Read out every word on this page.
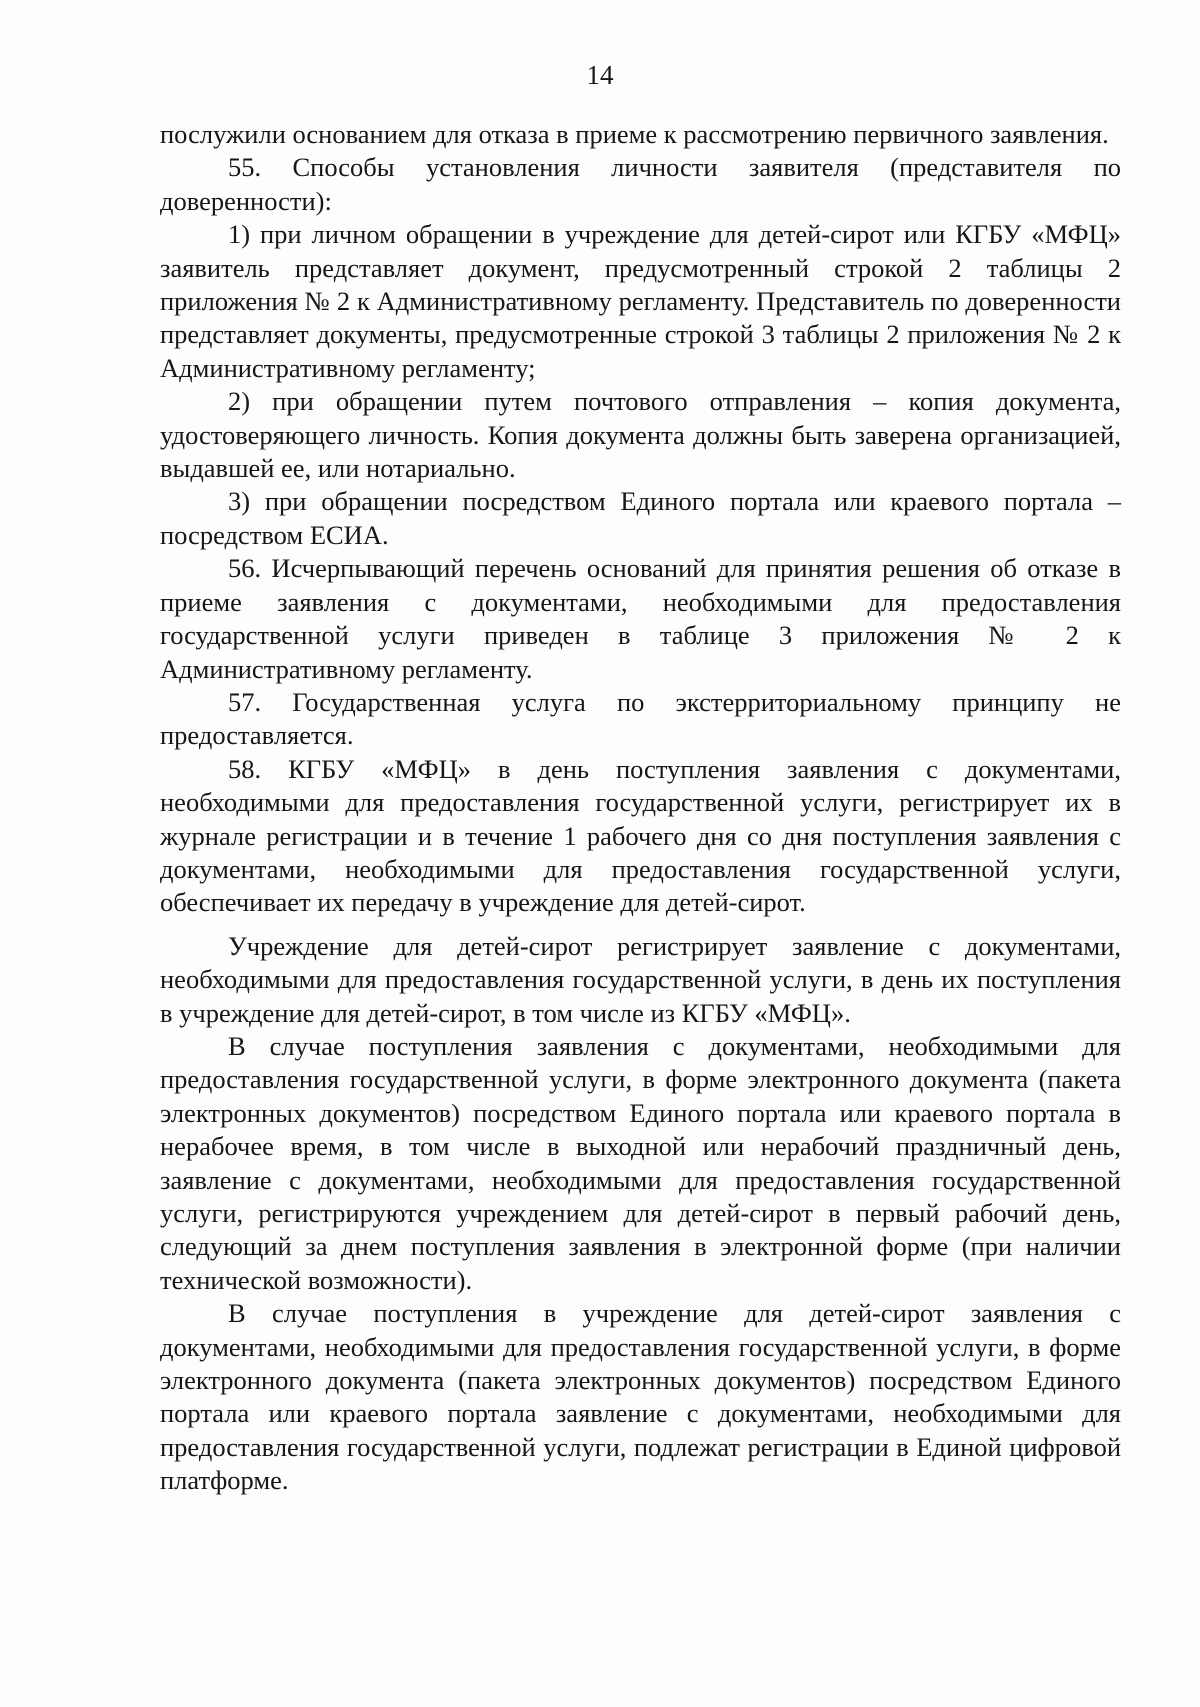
14

послужили основанием для отказа в приеме к рассмотрению первичного заявления.

55. Способы установления личности заявителя (представителя по доверенности):

1) при личном обращении в учреждение для детей-сирот или КГБУ «МФЦ» заявитель представляет документ, предусмотренный строкой 2 таблицы 2 приложения № 2 к Административному регламенту. Представитель по доверенности представляет документы, предусмотренные строкой 3 таблицы 2 приложения № 2 к Административному регламенту;

2) при обращении путем почтового отправления – копия документа, удостоверяющего личность. Копия документа должны быть заверена организацией, выдавшей ее, или нотариально.

3) при обращении посредством Единого портала или краевого портала – посредством ЕСИА.

56. Исчерпывающий перечень оснований для принятия решения об отказе в приеме заявления с документами, необходимыми для предоставления государственной услуги приведен в таблице 3 приложения № 2 к Административному регламенту.

57. Государственная услуга по экстерриториальному принципу не предоставляется.

58. КГБУ «МФЦ» в день поступления заявления с документами, необходимыми для предоставления государственной услуги, регистрирует их в журнале регистрации и в течение 1 рабочего дня со дня поступления заявления с документами, необходимыми для предоставления государственной услуги, обеспечивает их передачу в учреждение для детей-сирот.

Учреждение для детей-сирот регистрирует заявление с документами, необходимыми для предоставления государственной услуги, в день их поступления в учреждение для детей-сирот, в том числе из КГБУ «МФЦ».

В случае поступления заявления с документами, необходимыми для предоставления государственной услуги, в форме электронного документа (пакета электронных документов) посредством Единого портала или краевого портала в нерабочее время, в том числе в выходной или нерабочий праздничный день, заявление с документами, необходимыми для предоставления государственной услуги, регистрируются учреждением для детей-сирот в первый рабочий день, следующий за днем поступления заявления в электронной форме (при наличии технической возможности).

В случае поступления в учреждение для детей-сирот заявления с документами, необходимыми для предоставления государственной услуги, в форме электронного документа (пакета электронных документов) посредством Единого портала или краевого портала заявление с документами, необходимыми для предоставления государственной услуги, подлежат регистрации в Единой цифровой платформе.
